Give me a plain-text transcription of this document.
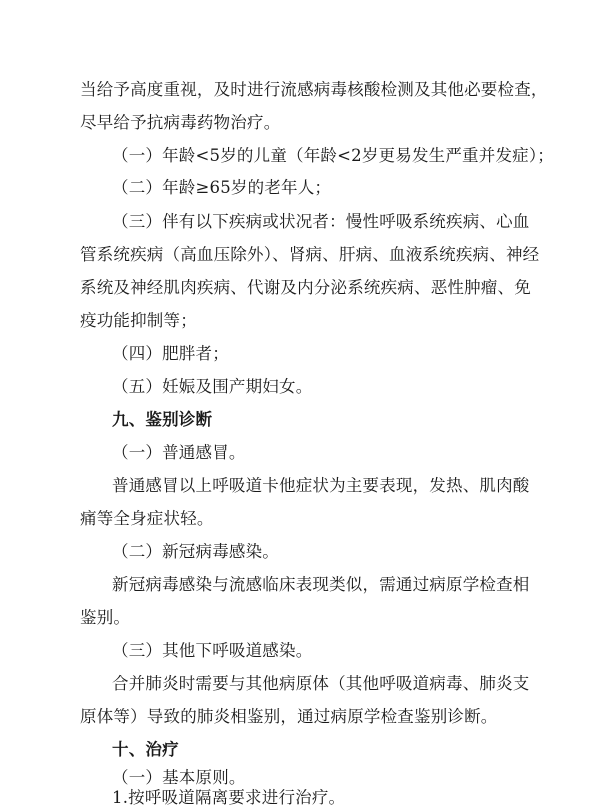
当给予高度重视，及时进行流感病毒核酸检测及其他必要检查，
尽早给予抗病毒药物治疗。
（一）年龄<5岁的儿童（年龄<2岁更易发生严重并发症）；
（二）年龄≥65岁的老年人；
（三）伴有以下疾病或状况者：慢性呼吸系统疾病、心血
管系统疾病（高血压除外）、肾病、肝病、血液系统疾病、神经
系统及神经肌肉疾病、代谢及内分泌系统疾病、恶性肿瘤、免
疫功能抑制等；
（四）肥胖者；
（五）妊娠及围产期妇女。
九、鉴别诊断
（一）普通感冒。
普通感冒以上呼吸道卡他症状为主要表现，发热、肌肉酸
痛等全身症状轻。
（二）新冠病毒感染。
新冠病毒感染与流感临床表现类似，需通过病原学检查相
鉴别。
（三）其他下呼吸道感染。
合并肺炎时需要与其他病原体（其他呼吸道病毒、肺炎支
原体等）导致的肺炎相鉴别，通过病原学检查鉴别诊断。
十、治疗
（一）基本原则。
1.按呼吸道隔离要求进行治疗。
